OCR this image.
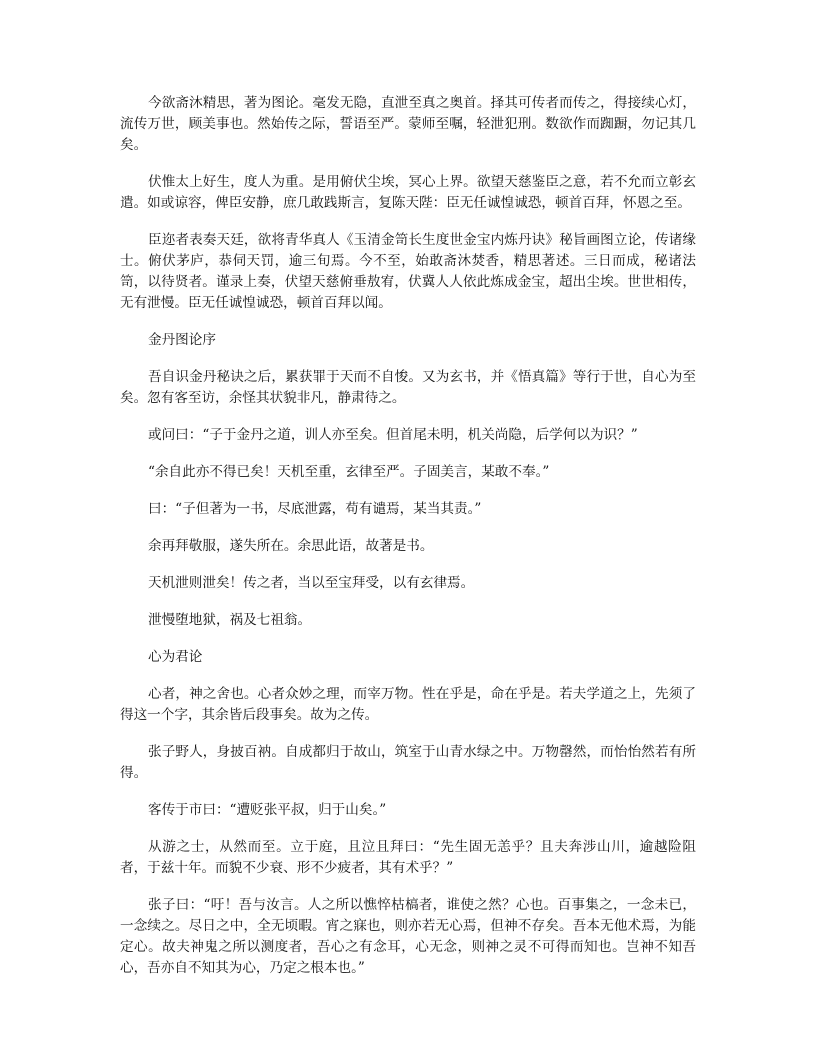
今欲斋沐精思，著为图论。毫发无隐，直泄至真之奥首。择其可传者而传之，得接续心灯，流传万世，顾美事也。然始传之际，誓语至严。蒙师至嘱，轻泄犯刑。数欲作而踟蹰，勿记其几矣。

伏惟太上好生，度人为重。是用俯伏尘埃，冥心上界。欲望天慈鉴臣之意，若不允而立彰玄遣。如或谅容，俾臣安静，庶几敢践斯言，复陈天陛：臣无任诚惶诚恐，顿首百拜，怀恩之至。

臣迩者表奏天廷，欲将青华真人《玉清金笥长生度世金宝内炼丹诀》秘旨画图立论，传诸缘士。俯伏茅庐，恭伺天罚，逾三旬焉。今不至，始敢斋沐焚香，精思著述。三日而成，秘诸法笥，以待贤者。谨录上奏，伏望天慈俯垂敖宥，伏冀人人依此炼成金宝，超出尘埃。世世相传，无有泄慢。臣无任诚惶诚恐，顿首百拜以闻。

金丹图论序

吾自识金丹秘诀之后，累获罪于天而不自悛。又为玄书，并《悟真篇》等行于世，自心为至矣。忽有客至访，余怪其状貌非凡，静肃待之。

或问曰：“子于金丹之道，训人亦至矣。但首尾未明，机关尚隐，后学何以为识？”

“余自此亦不得已矣！天机至重，玄律至严。子固美言，某敢不奉。”

曰：“子但著为一书，尽底泄露，苟有谴焉，某当其责。”

余再拜敬服，遂失所在。余思此语，故著是书。

天机泄则泄矣！传之者，当以至宝拜受，以有玄律焉。

泄慢堕地狱，祸及七祖翁。

心为君论

心者，神之舍也。心者众妙之理，而宰万物。性在乎是，命在乎是。若夫学道之上，先须了得这一个字，其余皆后段事矣。故为之传。

张子野人，身披百衲。自成都归于故山，筑室于山青水绿之中。万物罄然，而怡怡然若有所得。

客传于市曰：“遭贬张平叔，归于山矣。”

从游之士，从然而至。立于庭，且泣且拜曰：“先生固无恙乎？且夫奔涉山川，逾越险阻者，于兹十年。而貌不少衰、形不少疲者，其有术乎？”

张子曰：“吁！吾与汝言。人之所以憔悴枯槁者，谁使之然？心也。百事集之，一念未已，一念续之。尽日之中，全无顷暇。宵之寐也，则亦若无心焉，但神不存矣。吾本无他术焉，为能定心。故夫神鬼之所以测度者，吾心之有念耳，心无念，则神之灵不可得而知也。岂神不知吾心，吾亦自不知其为心，乃定之根本也。”
